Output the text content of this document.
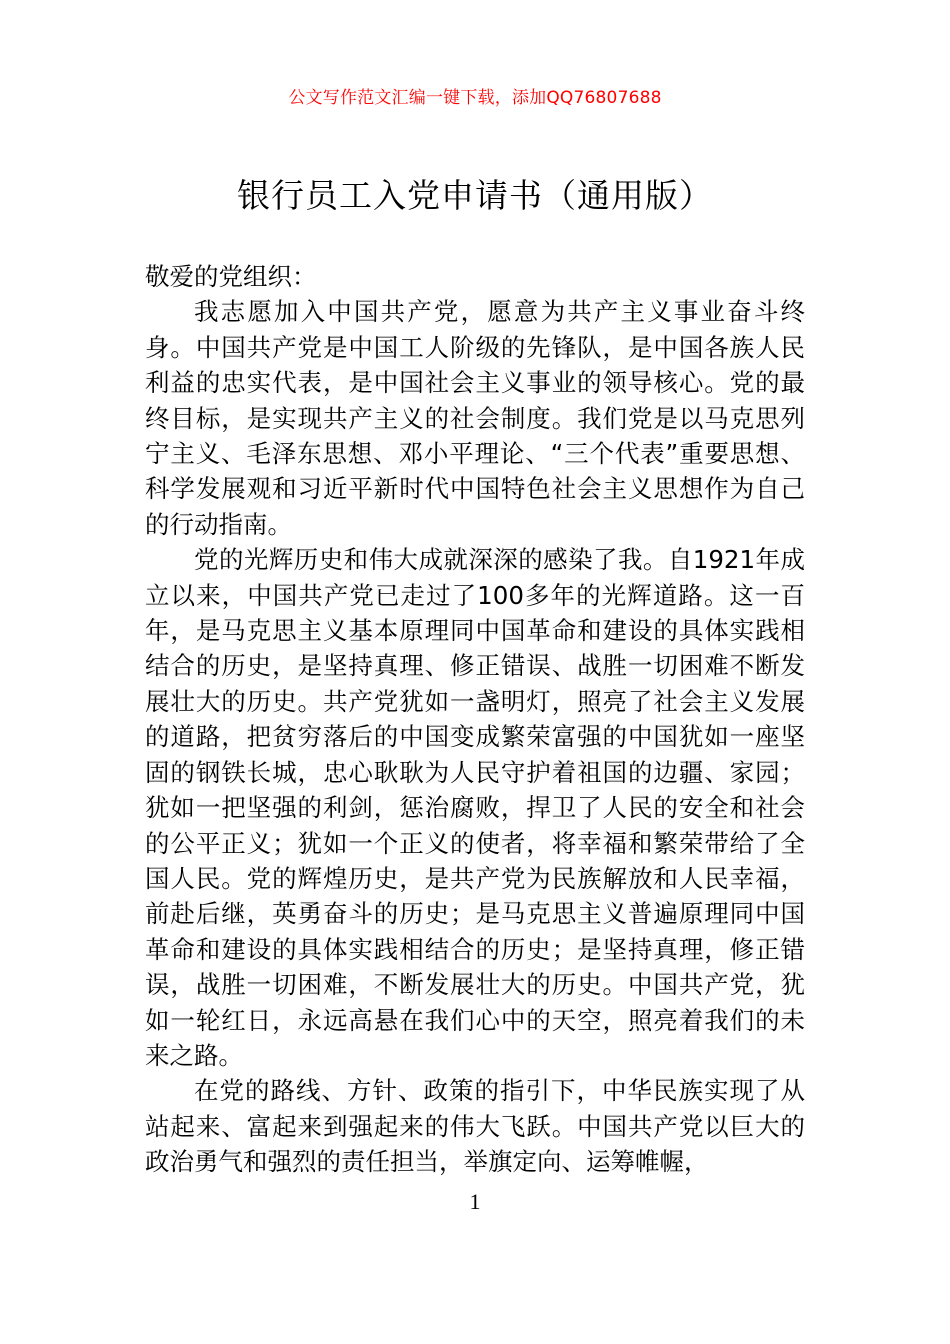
公文写作范文汇编一键下载，添加QQ76807688
银行员工入党申请书（通用版）

敬爱的党组织：

我志愿加入中国共产党，愿意为共产主义事业奋斗终身。中国共产党是中国工人阶级的先锋队，是中国各族人民利益的忠实代表，是中国社会主义事业的领导核心。党的最终目标，是实现共产主义的社会制度。我们党是以马克思列宁主义、毛泽东思想、邓小平理论、“三个代表”重要思想、科学发展观和习近平新时代中国特色社会主义思想作为自己的行动指南。

党的光辉历史和伟大成就深深的感染了我。自1921年成立以来，中国共产党已走过了100多年的光辉道路。这一百年，是马克思主义基本原理同中国革命和建设的具体实践相结合的历史，是坚持真理、修正错误、战胜一切困难不断发展壮大的历史。共产党犹如一盏明灯，照亮了社会主义发展的道路，把贫穷落后的中国变成繁荣富强的中国犹如一座坚固的钢铁长城，忠心耿耿为人民守护着祖国的边疆、家园；犹如一把坚强的利剑，惩治腐败，捍卫了人民的安全和社会的公平正义；犹如一个正义的使者，将幸福和繁荣带给了全国人民。党的辉煌历史，是共产党为民族解放和人民幸福，前赴后继，英勇奋斗的历史；是马克思主义普遍原理同中国革命和建设的具体实践相结合的历史；是坚持真理，修正错误，战胜一切困难，不断发展壮大的历史。中国共产党，犹如一轮红日，永远高悬在我们心中的天空，照亮着我们的未来之路。

在党的路线、方针、政策的指引下，中华民族实现了从站起来、富起来到强起来的伟大飞跃。中国共产党以巨大的政治勇气和强烈的责任担当，举旗定向、运筹帷幄，

1
